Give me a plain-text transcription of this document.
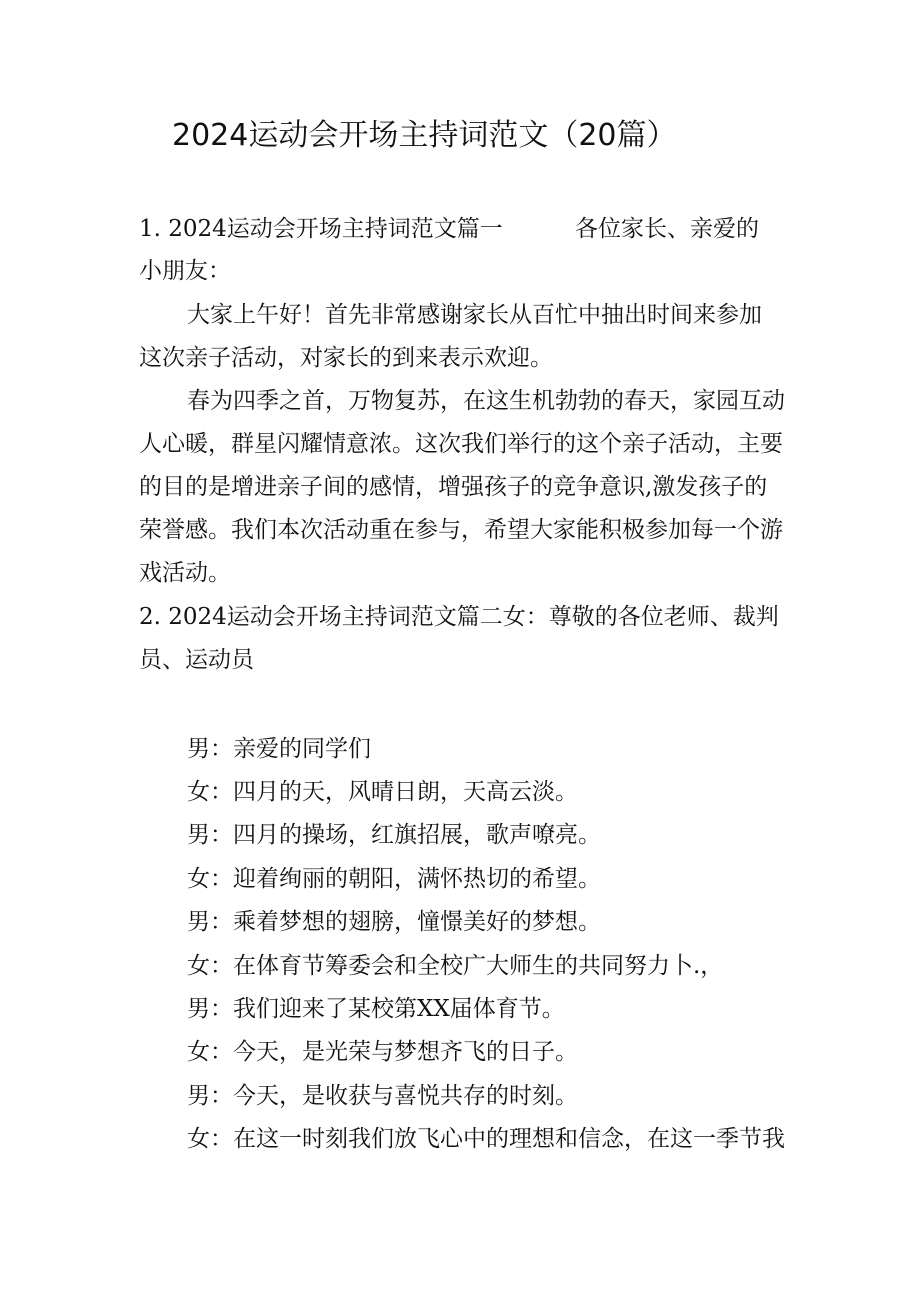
2024运动会开场主持词范文（20篇）
1. 2024运动会开场主持词范文篇一	各位家长、亲爱的
小朋友：
大家上午好！首先非常感谢家长从百忙中抽出时间来参加
这次亲子活动，对家长的到来表示欢迎。
春为四季之首，万物复苏，在这生机勃勃的春天，家园互动
人心暖，群星闪耀情意浓。这次我们举行的这个亲子活动，主要
的目的是增进亲子间的感情，增强孩子的竞争意识,激发孩子的
荣誉感。我们本次活动重在参与，希望大家能积极参加每一个游
戏活动。
2. 2024运动会开场主持词范文篇二女：尊敬的各位老师、裁判
员、运动员
男：亲爱的同学们
女：四月的天，风晴日朗，天高云淡。
男：四月的操场，红旗招展，歌声嘹亮。
女：迎着绚丽的朝阳，满怀热切的希望。
男：乘着梦想的翅膀，憧憬美好的梦想。
女：在体育节筹委会和全校广大师生的共同努力卜.，
男：我们迎来了某校第XX届体育节。
女：今天，是光荣与梦想齐飞的日子。
男：今天，是收获与喜悦共存的时刻。
女：在这一时刻我们放飞心中的理想和信念，在这一季节我
